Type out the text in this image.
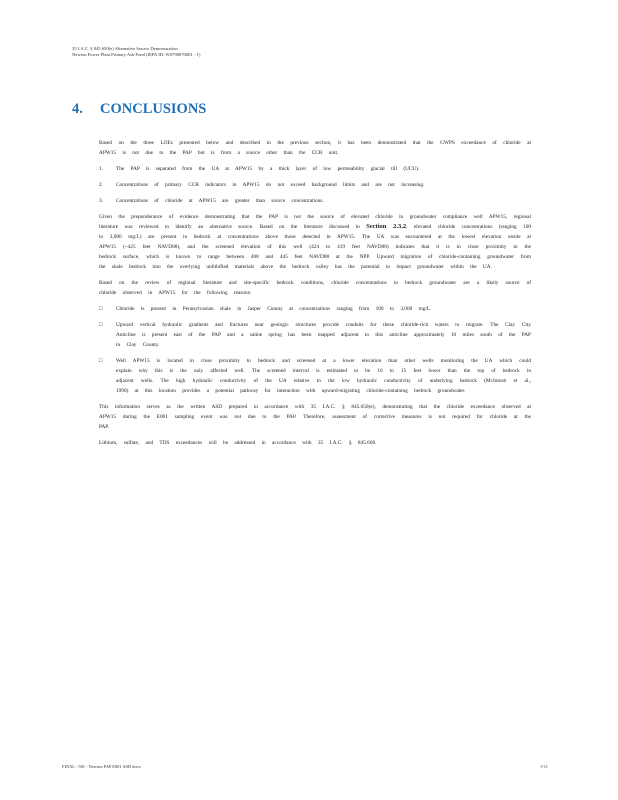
35 I.A.C. § 845.650(e) Alternative Source Demonstration
Newton Power Plant Primary Ash Pond (IEPA ID: W0798070001 - 1)
4. CONCLUSIONS

Based on the three LOEs presented below and described in the previous section, it has been demonstrated that the GWPS exceedance of chloride at APW15 is not due to the PAP but is from a source other than the CCR unit.

1. The PAP is separated from the UA at APW15 by a thick layer of low permeability glacial till (UCU).
2. Concentrations of primary CCR indicators in APW15 do not exceed background limits and are not increasing.
3. Concentrations of chloride at APW15 are greater than source concentrations.

Given the preponderance of evidence demonstrating that the PAP is not the source of elevated chloride in groundwater compliance well APW15, regional literature was reviewed to identify an alternative source. Based on the literature discussed in Section 2.3.2, elevated chloride concentrations (ranging 100 to 3,000 mg/L) are present in bedrock at concentrations above those detected in APW15. The UA was encountered at the lowest elevation onsite at APW15 (~425 feet NAVD88), and the screened elevation of this well (424 to 419 feet NAVD88) indicates that it is in close proximity to the bedrock surface, which is known to range between 408 and 445 feet NAVD88 at the NPP. Upward migration of chloride-containing groundwater from the shale bedrock into the overlying unlithified materials above the bedrock valley has the potential to impact groundwater within the UA.

Based on the review of regional literature and site-specific bedrock conditions, chloride concentrations in bedrock groundwater are a likely source of chloride observed in APW15 for the following reasons:

□	Chloride is present in Pennsylvanian shale in Jasper County at concentrations ranging from 100 to 3,000 mg/L.
□	Upward vertical hydraulic gradients and fractures near geologic structures provide conduits for these chloride-rich waters to migrate. The Clay City Anticline is present east of the PAP and a saline spring has been mapped adjacent to this anticline approximately 10 miles south of the PAP in Clay County.
□	Well APW15 is located in close proximity to bedrock and screened at a lower elevation than other wells monitoring the UA which could explain why this is the only affected well. The screened interval is estimated to be 10 to 15 feet lower than the top of bedrock in adjacent wells. The high hydraulic conductivity of the UA relative to the low hydraulic conductivity of underlying bedrock (McIntosh et al., 1990) at this location provides a potential pathway for interaction with upward-migrating chloride-containing bedrock groundwater.

This information serves as the written ASD prepared in accordance with 35 I.A.C. § 845.650(e), demonstrating that the chloride exceedance observed at APW15 during the E001 sampling event was not due to the PAP. Therefore, assessment of corrective measures is not required for chloride at the PAP.

Lithium, sulfate, and TDS exceedances will be addressed in accordance with 35 I.A.C. § 845.660.

FINAL - 501 - Newton PAP E001 ASD.docx	9 11
